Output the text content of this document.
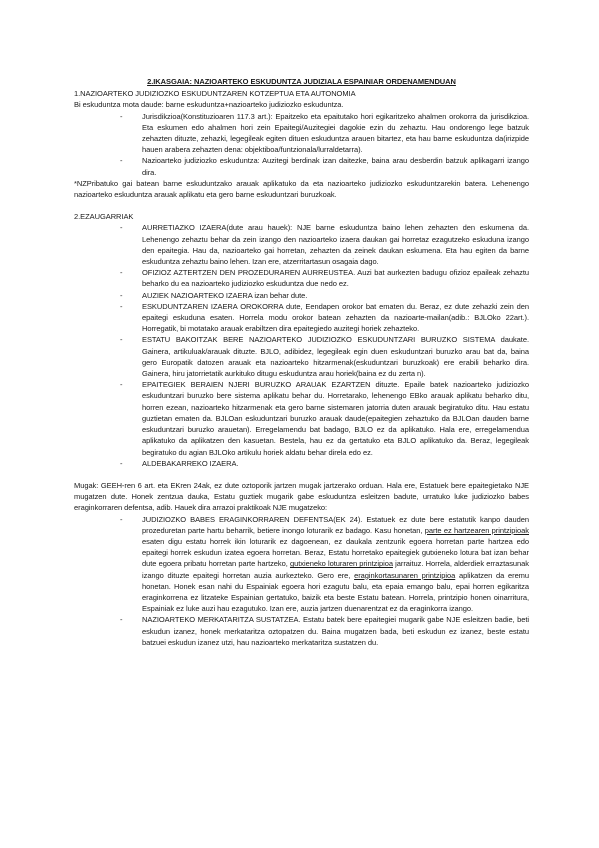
2.IKASGAIA: NAZIOARTEKO ESKUDUNTZA JUDIZIALA ESPAINIAR ORDENAMENDUAN
1.NAZIOARTEKO JUDIZIOZKO ESKUDUNTZAREN KOTZEPTUA ETA AUTONOMIA
Bi eskuduntza mota daude: barne eskuduntza+nazioarteko judiziozko eskuduntza.
- Jurisdikzioa(Konstituzioaren 117.3 art.): Epaitzeko eta epaitutako hori egikaritzeko ahalmen orokorra da jurisdikzioa. Eta eskumen edo ahalmen hori zein Epaitegi/Auzitegiei dagokie ezin du zehaztu. Hau ondorengo lege batzuk zehazten dituzte, zehazki, legegileak egiten dituen eskuduntza arauen bitartez, eta hau barne eskuduntza da(irizpide hauen arabera zehazten dena: objektiboa/funtzionala/lurraldetarra).
- Nazioarteko judiziozko eskuduntza: Auzitegi berdinak izan daitezke, baina arau desberdin batzuk aplikagarri izango dira.
*NZPribatuko gai batean barne eskuduntzako arauak aplikatuko da eta nazioarteko judiziozko eskuduntzarekin batera. Lehenengo nazioarteko eskuduntza arauak aplikatu eta gero barne eskuduntzari buruzkoak.
2.EZAUGARRIAK
- AURRETIAZKO IZAERA(dute arau hauek): NJE barne eskuduntza baino lehen zehazten den eskumena da. Lehenengo zehaztu behar da zein izango den nazioarteko izaera daukan gai horretaz ezagutzeko eskuduna izango den epaitegia. Hau da, nazioarteko gai horretan, zehazten da zeinek daukan eskumena. Eta hau egiten da barne eskuduntza zehaztu baino lehen. Izan ere, atzerritartasun osagaia dago.
- OFIZIOZ AZTERTZEN DEN PROZEDURAREN AURREUSTEA. Auzi bat aurkezten badugu ofizioz epaileak zehaztu beharko du ea nazioarteko judiziozko eskuduntza due nedo ez.
- AUZIEK NAZIOARTEKO IZAERA izan behar dute.
- ESKUDUNTZAREN IZAERA OROKORRA dute, Eendapen orokor bat ematen du. Beraz, ez dute zehazki zein den epaitegi eskuduna esaten. Horrela modu orokor batean zehazten da nazioarte-mailan(adib.: BJLOko 22art.). Horregatik, bi motatako arauak erabiltzen dira epaitegiedo auzitegi horiek zehazteko.
- ESTATU BAKOITZAK BERE NAZIOARTEKO JUDIZIOZKO ESKUDUNTZARI BURUZKO SISTEMA daukate. Gainera, artikuluak/arauak dituzte. BJLO, adibidez, legegileak egin duen eskuduntzari buruzko arau bat da, baina gero Europatik datozen arauak eta nazioarteko hitzarmenak(eskuduntzari buruzkoak) ere erabili beharko dira. Gainera, hiru jatorrietatik aurkituko ditugu eskuduntza arau horiek(baina ez du zerta n).
- EPAITEGIEK BERAIEN NJERI BURUZKO ARAUAK EZARTZEN dituzte. Epaile batek nazioarteko judiziozko eskuduntzari buruzko bere sistema aplikatu behar du. Horretarako, lehenengo EBko arauak aplikatu beharko ditu, horren ezean, nazioarteko hitzarmenak eta gero barne sistemaren jatorria duten arauak begiratuko ditu. Hau estatu guztietan ematen da. BJLOan eskuduntzari buruzko arauak daude(epaitegien zehaztuko da BJLOan dauden barne eskuduntzari buruzko arauetan). Erregelamendu bat badago, BJLO ez da aplikatuko. Hala ere, erregelamendua aplikatuko da aplikatzen den kasuetan. Bestela, hau ez da gertatuko eta BJLO aplikatuko da. Beraz, legegileak begiratuko du agian BJLOko artikulu horiek aldatu behar direla edo ez.
- ALDEBAKARREKO IZAERA.
Mugak: GEEH-ren 6 art. eta EKren 24ak, ez dute oztoporik jartzen mugak jartzerako orduan. Hala ere, Estatuek bere epaitegietako NJE mugatzen dute. Honek zentzua dauka, Estatu guztiek mugarik gabe eskuduntza esleitzen badute, urratuko luke judiziozko babes eraginkorraren defentsa, adib. Hauek dira arrazoi praktikoak NJE mugatzeko:
- JUDIZIOZKO BABES ERAGINKORRAREN DEFENTSA(EK 24). Estatuek ez dute bere estatutik kanpo dauden prozeduretan parte hartu beharrik, betiere inongo loturarik ez badago. Kasu honetan, parte ez hartzearen printzipioak esaten digu estatu horrek ikin loturarik ez dagoenean, ez daukala zentzurik egoera horretan parte hartzea edo epaitegi horrek eskudun izatea egoera horretan. Beraz, Estatu horretako epaitegiek gutxieneko lotura bat izan behar dute egoera pribatu horretan parte hartzeko, gutxieneko loturaren printzipioa jarraituz. Horrela, alderdiek erraztasunak izango dituzte epaitegi horretan auzia aurkezteko. Gero ere, eraginkortasunaren printzipioa aplikatzen da eremu honetan. Honek esan nahi du Espainiak egoera hori ezagutu balu, eta epaia emango balu, epai horren egikaritza eraginkorrena ez litzateke Espainian gertatuko, baizik eta beste Estatu batean. Horrela, printzipio honen oinarritura, Espainiak ez luke auzi hau ezagutuko. Izan ere, auzia jartzen duenarentzat ez da eraginkorra izango.
- NAZIOARTEKO MERKATARITZA SUSTATZEA. Estatu batek bere epaitegiei mugarik gabe NJE esleitzen badie, beti eskudun izanez, honek merkataritza oztopatzen du. Baina mugatzen bada, beti eskudun ez izanez, beste estatu batzuei eskudun izanez utzi, hau nazioarteko merkataritza sustatzen du.
